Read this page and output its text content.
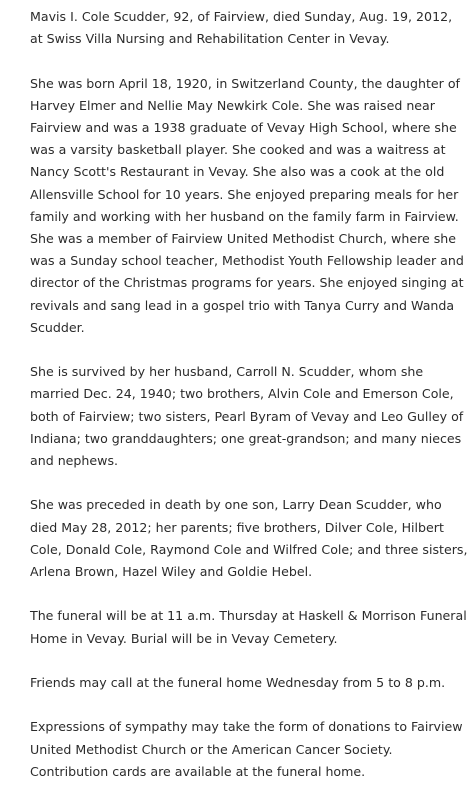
Mavis I. Cole Scudder, 92, of Fairview, died Sunday, Aug. 19, 2012,
at Swiss Villa Nursing and Rehabilitation Center in Vevay.

She was born April 18, 1920, in Switzerland County, the daughter of
Harvey Elmer and Nellie May Newkirk Cole. She was raised near
Fairview and was a 1938 graduate of Vevay High School, where she
was a varsity basketball player. She cooked and was a waitress at
Nancy Scott's Restaurant in Vevay. She also was a cook at the old
Allensville School for 10 years. She enjoyed preparing meals for her
family and working with her husband on the family farm in Fairview.
She was a member of Fairview United Methodist Church, where she
was a Sunday school teacher, Methodist Youth Fellowship leader and
director of the Christmas programs for years. She enjoyed singing at
revivals and sang lead in a gospel trio with Tanya Curry and Wanda
Scudder.

She is survived by her husband, Carroll N. Scudder, whom she
married Dec. 24, 1940; two brothers, Alvin Cole and Emerson Cole,
both of Fairview; two sisters, Pearl Byram of Vevay and Leo Gulley of
Indiana; two granddaughters; one great-grandson; and many nieces
and nephews.

She was preceded in death by one son, Larry Dean Scudder, who
died May 28, 2012; her parents; five brothers, Dilver Cole, Hilbert
Cole, Donald Cole, Raymond Cole and Wilfred Cole; and three sisters,
Arlena Brown, Hazel Wiley and Goldie Hebel.

The funeral will be at 11 a.m. Thursday at Haskell & Morrison Funeral
Home in Vevay. Burial will be in Vevay Cemetery.

Friends may call at the funeral home Wednesday from 5 to 8 p.m.

Expressions of sympathy may take the form of donations to Fairview
United Methodist Church or the American Cancer Society.
Contribution cards are available at the funeral home.
